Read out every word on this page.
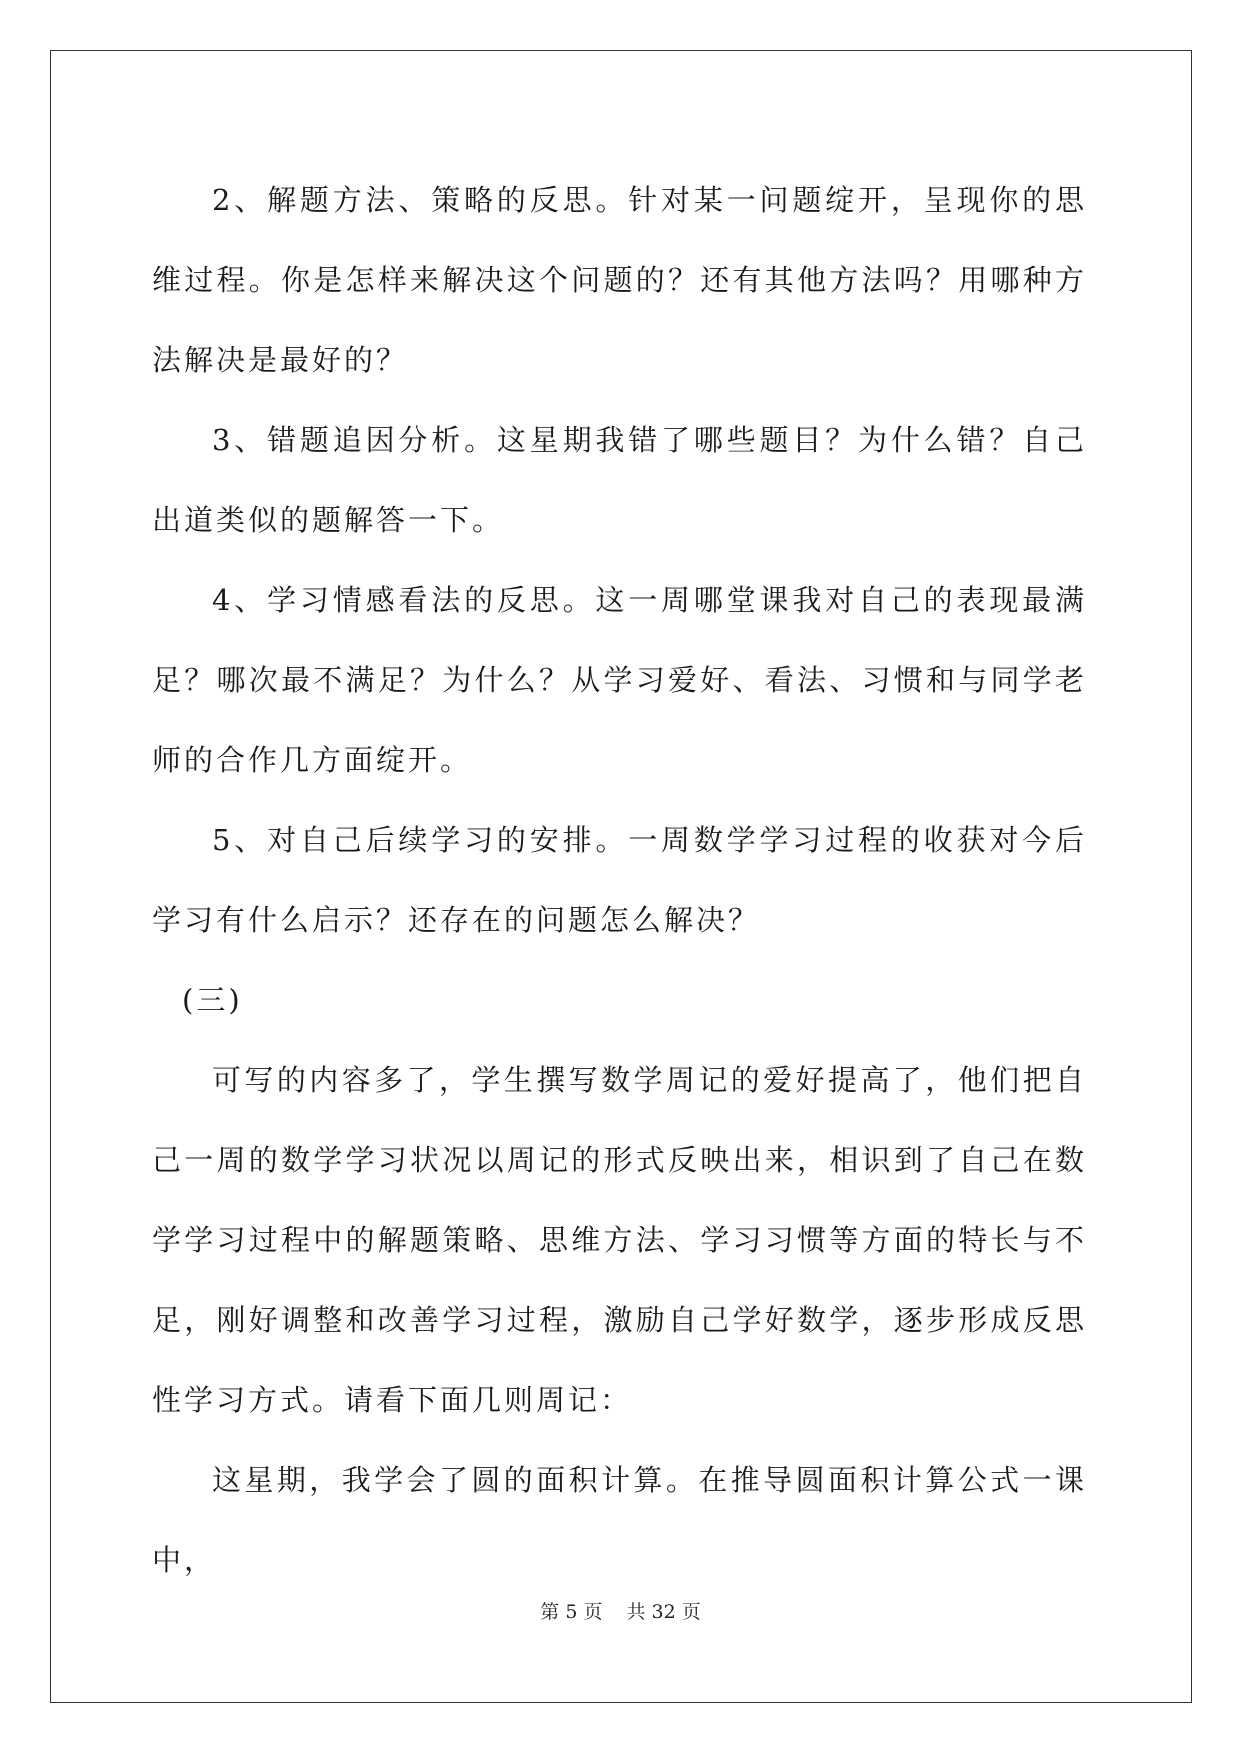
2、解题方法、策略的反思。针对某一问题绽开，呈现你的思维过程。你是怎样来解决这个问题的？还有其他方法吗？用哪种方法解决是最好的？

3、错题追因分析。这星期我错了哪些题目？为什么错？自己出道类似的题解答一下。

4、学习情感看法的反思。这一周哪堂课我对自己的表现最满足？哪次最不满足？为什么？从学习爱好、看法、习惯和与同学老师的合作几方面绽开。

5、对自己后续学习的安排。一周数学学习过程的收获对今后学习有什么启示？还存在的问题怎么解决？

(三)

可写的内容多了，学生撰写数学周记的爱好提高了，他们把自己一周的数学学习状况以周记的形式反映出来，相识到了自己在数学学习过程中的解题策略、思维方法、学习习惯等方面的特长与不足，刚好调整和改善学习过程，激励自己学好数学，逐步形成反思性学习方式。请看下面几则周记：

这星期，我学会了圆的面积计算。在推导圆面积计算公式一课中，

第 5 页 共 32 页
